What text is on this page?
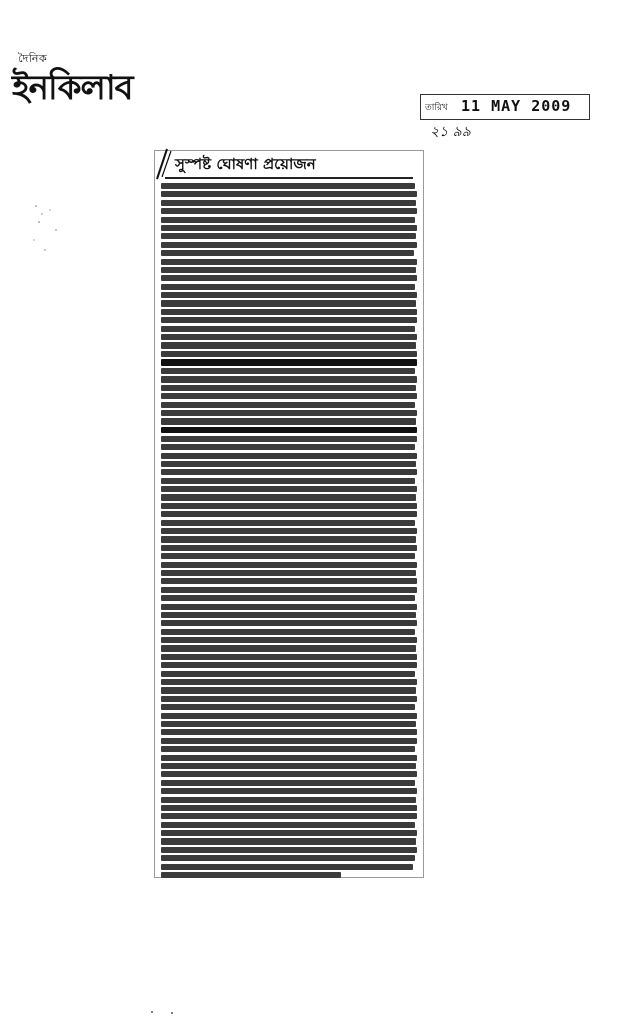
দৈনিক
ইনকিলাব	তারিখ 11 MAY 2009
২১ ৯৯
সুস্পষ্ট ঘোষণা প্রয়োজন
